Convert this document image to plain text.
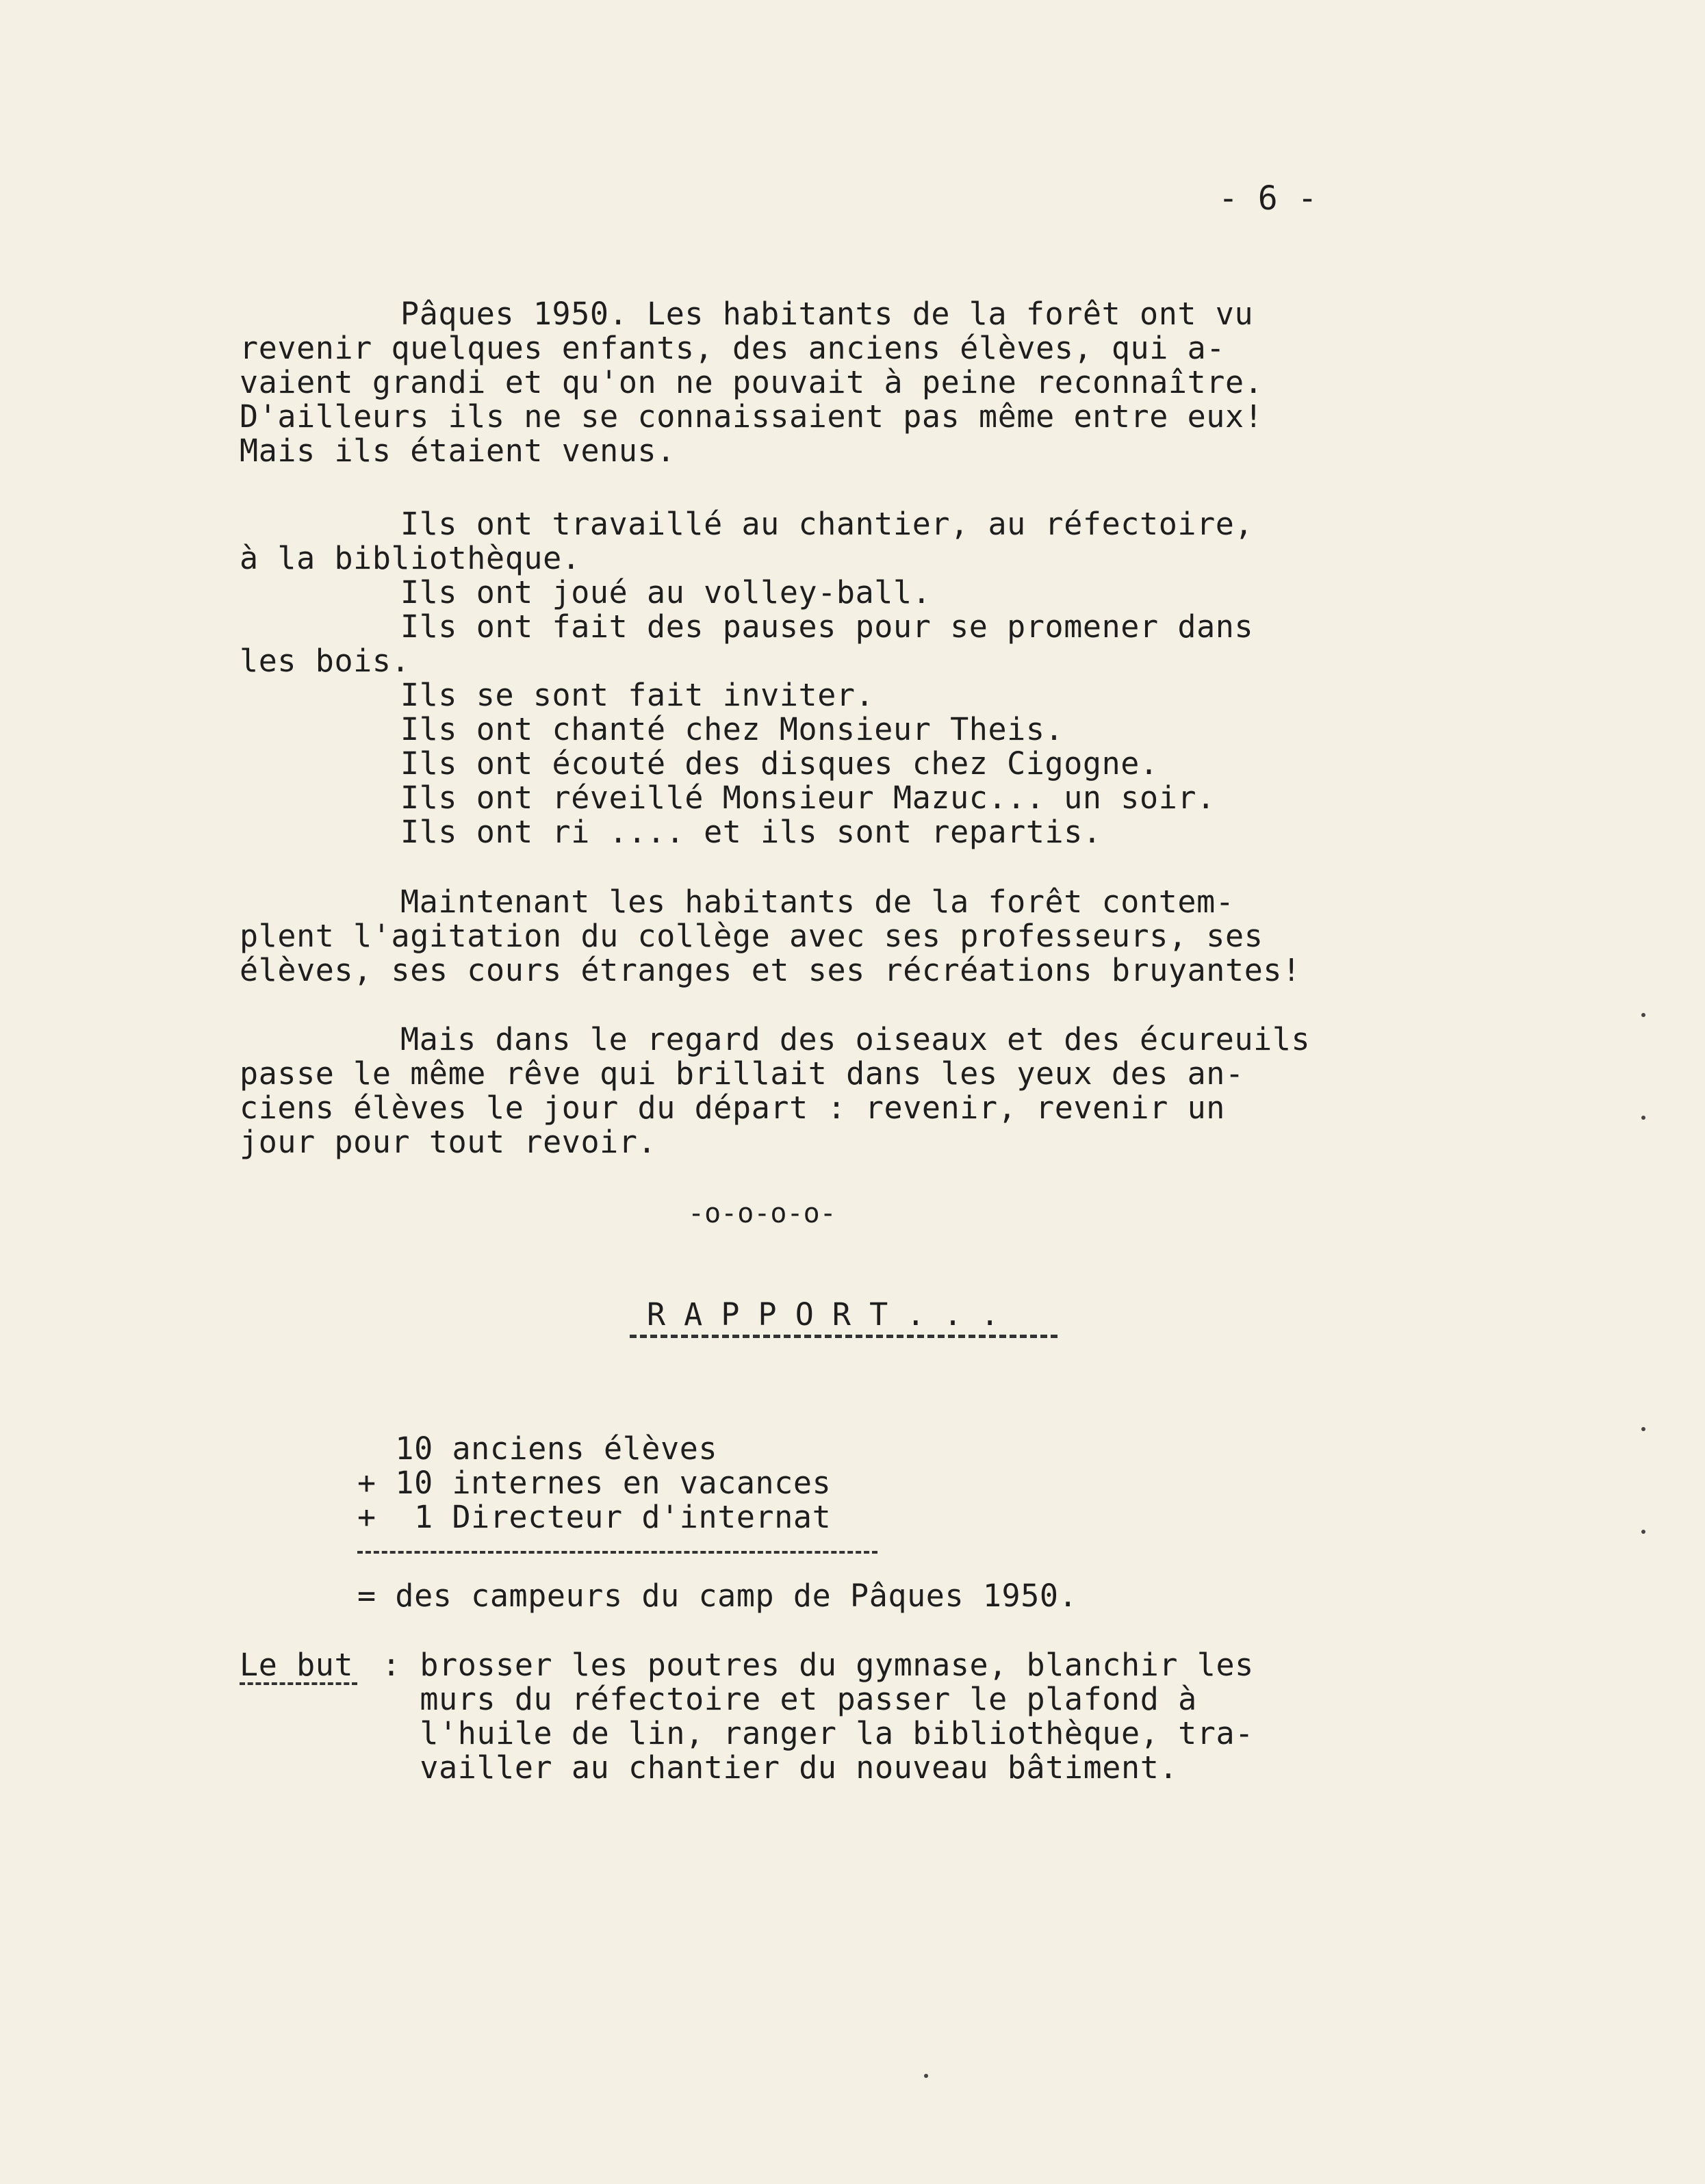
- 6 -
Pâques 1950. Les habitants de la forêt ont vu
revenir quelques enfants, des anciens élèves, qui a-
vaient grandi et qu'on ne pouvait à peine reconnaître.
D'ailleurs ils ne se connaissaient pas même entre eux!
Mais ils étaient venus.
Ils ont travaillé au chantier, au réfectoire,
à la bibliothèque.
Ils ont joué au volley-ball.
Ils ont fait des pauses pour se promener dans
les bois.
Ils se sont fait inviter.
Ils ont chanté chez Monsieur Theis.
Ils ont écouté des disques chez Cigogne.
Ils ont réveillé Monsieur Mazuc... un soir.
Ils ont ri .... et ils sont repartis.
Maintenant les habitants de la forêt contem-
plent l'agitation du collège avec ses professeurs, ses
élèves, ses cours étranges et ses récréations bruyantes!
Mais dans le regard des oiseaux et des écureuils
passe le même rêve qui brillait dans les yeux des an-
ciens élèves le jour du départ : revenir, revenir un
jour pour tout revoir.
-o-o-o-o-
R A P P O R T . . .
10 anciens élèves
+ 10 internes en vacances
+  1 Directeur d'internat
= des campeurs du camp de Pâques 1950.
Le but : brosser les poutres du gymnase, blanchir les
murs du réfectoire et passer le plafond à
l'huile de lin, ranger la bibliothèque, tra-
vailler au chantier du nouveau bâtiment.
